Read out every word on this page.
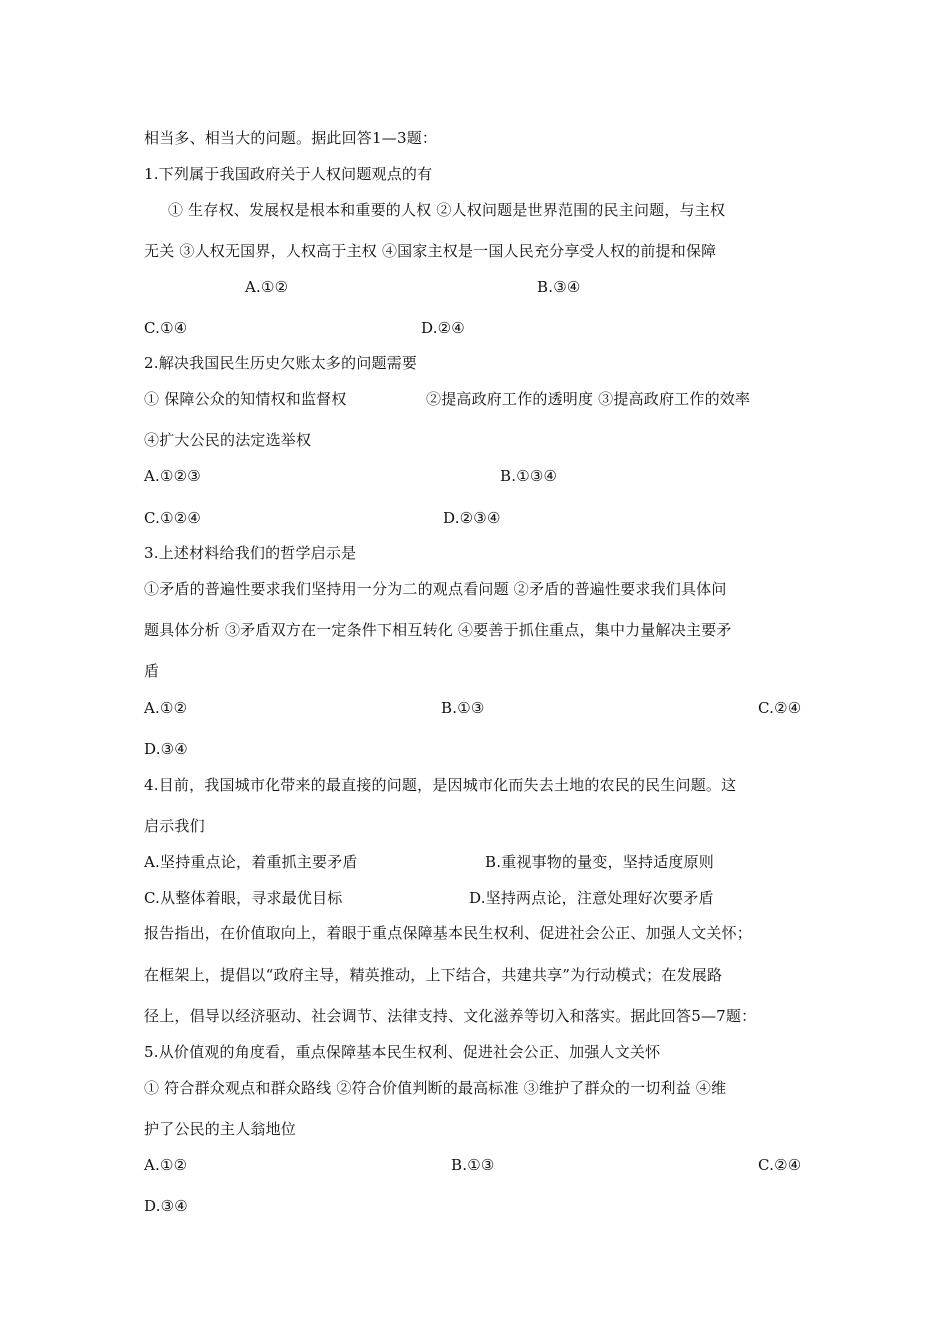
相当多、相当大的问题。据此回答1—3题：
1.下列属于我国政府关于人权问题观点的有
① 生存权、发展权是根本和重要的人权 ②人权问题是世界范围的民主问题，与主权
无关 ③人权无国界，人权高于主权 ④国家主权是一国人民充分享受人权的前提和保障
A.①②	B.③④
C.①④	D.②④
2.解决我国民生历史欠账太多的问题需要
① 保障公众的知情权和监督权	②提高政府工作的透明度 ③提高政府工作的效率
④扩大公民的法定选举权
A.①②③	B.①③④
C.①②④	D.②③④
3.上述材料给我们的哲学启示是
①矛盾的普遍性要求我们坚持用一分为二的观点看问题 ②矛盾的普遍性要求我们具体问
题具体分析 ③矛盾双方在一定条件下相互转化 ④要善于抓住重点，集中力量解决主要矛
盾
A.①②	B.①③	C.②④
D.③④
4.目前，我国城市化带来的最直接的问题，是因城市化而失去土地的农民的民生问题。这
启示我们
A.坚持重点论，着重抓主要矛盾	B.重视事物的量变，坚持适度原则
C.从整体着眼，寻求最优目标	D.坚持两点论，注意处理好次要矛盾
报告指出，在价值取向上，着眼于重点保障基本民生权利、促进社会公正、加强人文关怀；
在框架上，提倡以“政府主导，精英推动，上下结合，共建共享”为行动模式；在发展路
径上，倡导以经济驱动、社会调节、法律支持、文化滋养等切入和落实。据此回答5—7题：
5.从价值观的角度看，重点保障基本民生权利、促进社会公正、加强人文关怀
① 符合群众观点和群众路线 ②符合价值判断的最高标准 ③维护了群众的一切利益 ④维
护了公民的主人翁地位
A.①②	B.①③	C.②④
D.③④
